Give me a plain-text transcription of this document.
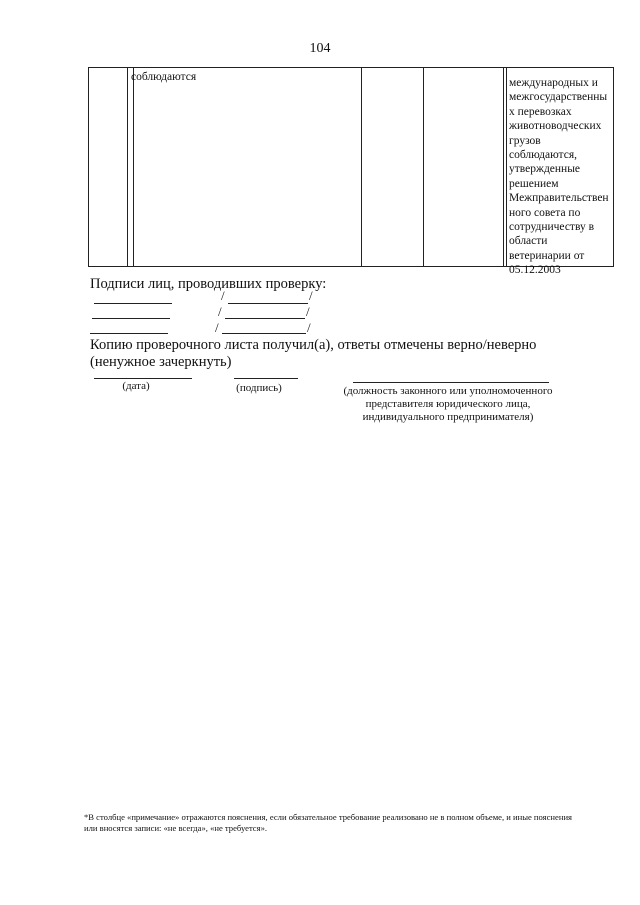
104
соблюдаются	международных и
межгосударственны
х перевозках
животноводческих
грузов
соблюдаются,
утвержденные
решением
Межправительствен
ного совета по
сотрудничеству в
области
ветеринарии от
05.12.2003
Подписи лиц, проводивших проверку:
/	/
/	/
/	/
Копию проверочного листа получил(а), ответы отмечены верно/неверно (ненужное зачеркнуть)
(дата)	(подпись)	(должность законного или уполномоченного представителя юридического лица, индивидуального предпринимателя)
*В столбце «примечание» отражаются пояснения, если обязательное требование реализовано не в полном объеме, и иные пояснения или вносятся записи: «не всегда», «не требуется».
